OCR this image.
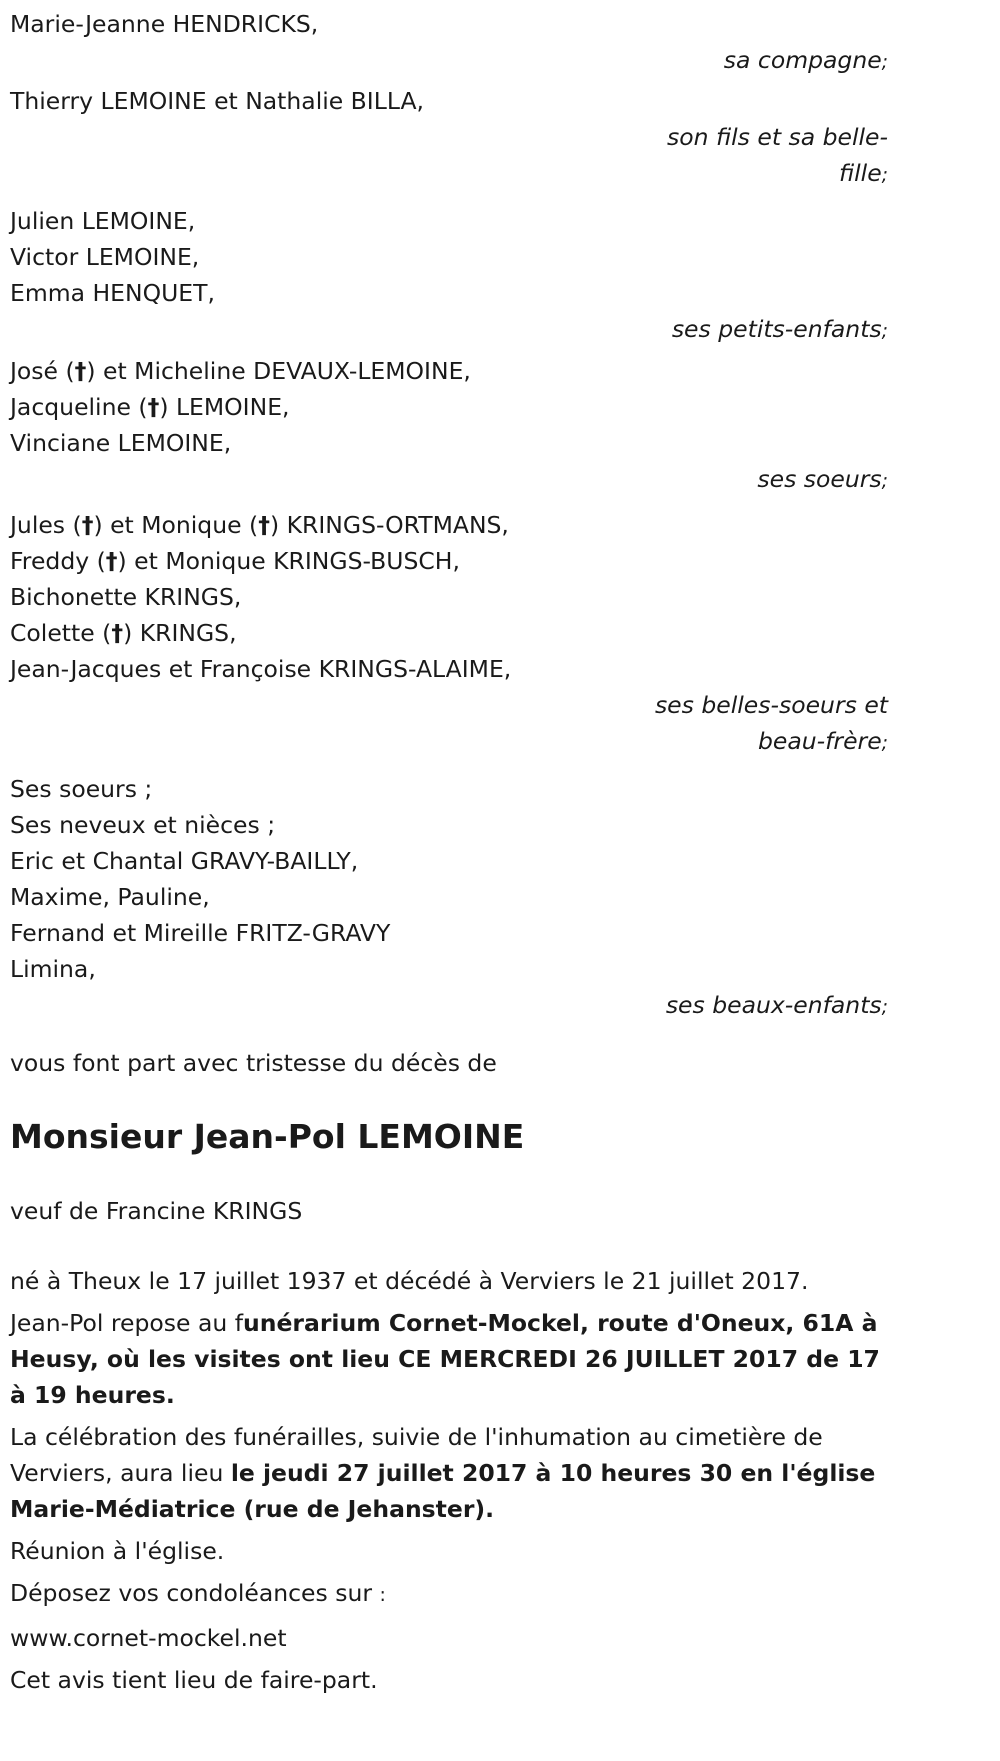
Marie-Jeanne HENDRICKS,
sa compagne;
Thierry LEMOINE et Nathalie BILLA,
son fils et sa belle-
fille;
Julien LEMOINE,
Victor LEMOINE,
Emma HENQUET,
ses petits-enfants;
José (†) et Micheline DEVAUX-LEMOINE,
Jacqueline (†) LEMOINE,
Vinciane LEMOINE,
ses soeurs;
Jules (†) et Monique (†) KRINGS-ORTMANS,
Freddy (†) et Monique KRINGS-BUSCH,
Bichonette KRINGS,
Colette (†) KRINGS,
Jean-Jacques et Françoise KRINGS-ALAIME,
ses belles-soeurs et
beau-frère;
Ses soeurs ;
Ses neveux et nièces ;
Eric et Chantal GRAVY-BAILLY,
Maxime, Pauline,
Fernand et Mireille FRITZ-GRAVY
Limina,
ses beaux-enfants;
vous font part avec tristesse du décès de
Monsieur Jean-Pol LEMOINE
veuf de Francine KRINGS
né à Theux le 17 juillet 1937 et décédé à Verviers le 21 juillet 2017.
Jean-Pol repose au funérarium Cornet-Mockel, route d'Oneux, 61A à Heusy, où les visites ont lieu CE MERCREDI 26 JUILLET 2017 de 17 à 19 heures.
La célébration des funérailles, suivie de l'inhumation au cimetière de Verviers, aura lieu le jeudi 27 juillet 2017 à 10 heures 30 en l'église Marie-Médiatrice (rue de Jehanster).
Réunion à l'église.
Déposez vos condoléances sur :
www.cornet-mockel.net
Cet avis tient lieu de faire-part.
